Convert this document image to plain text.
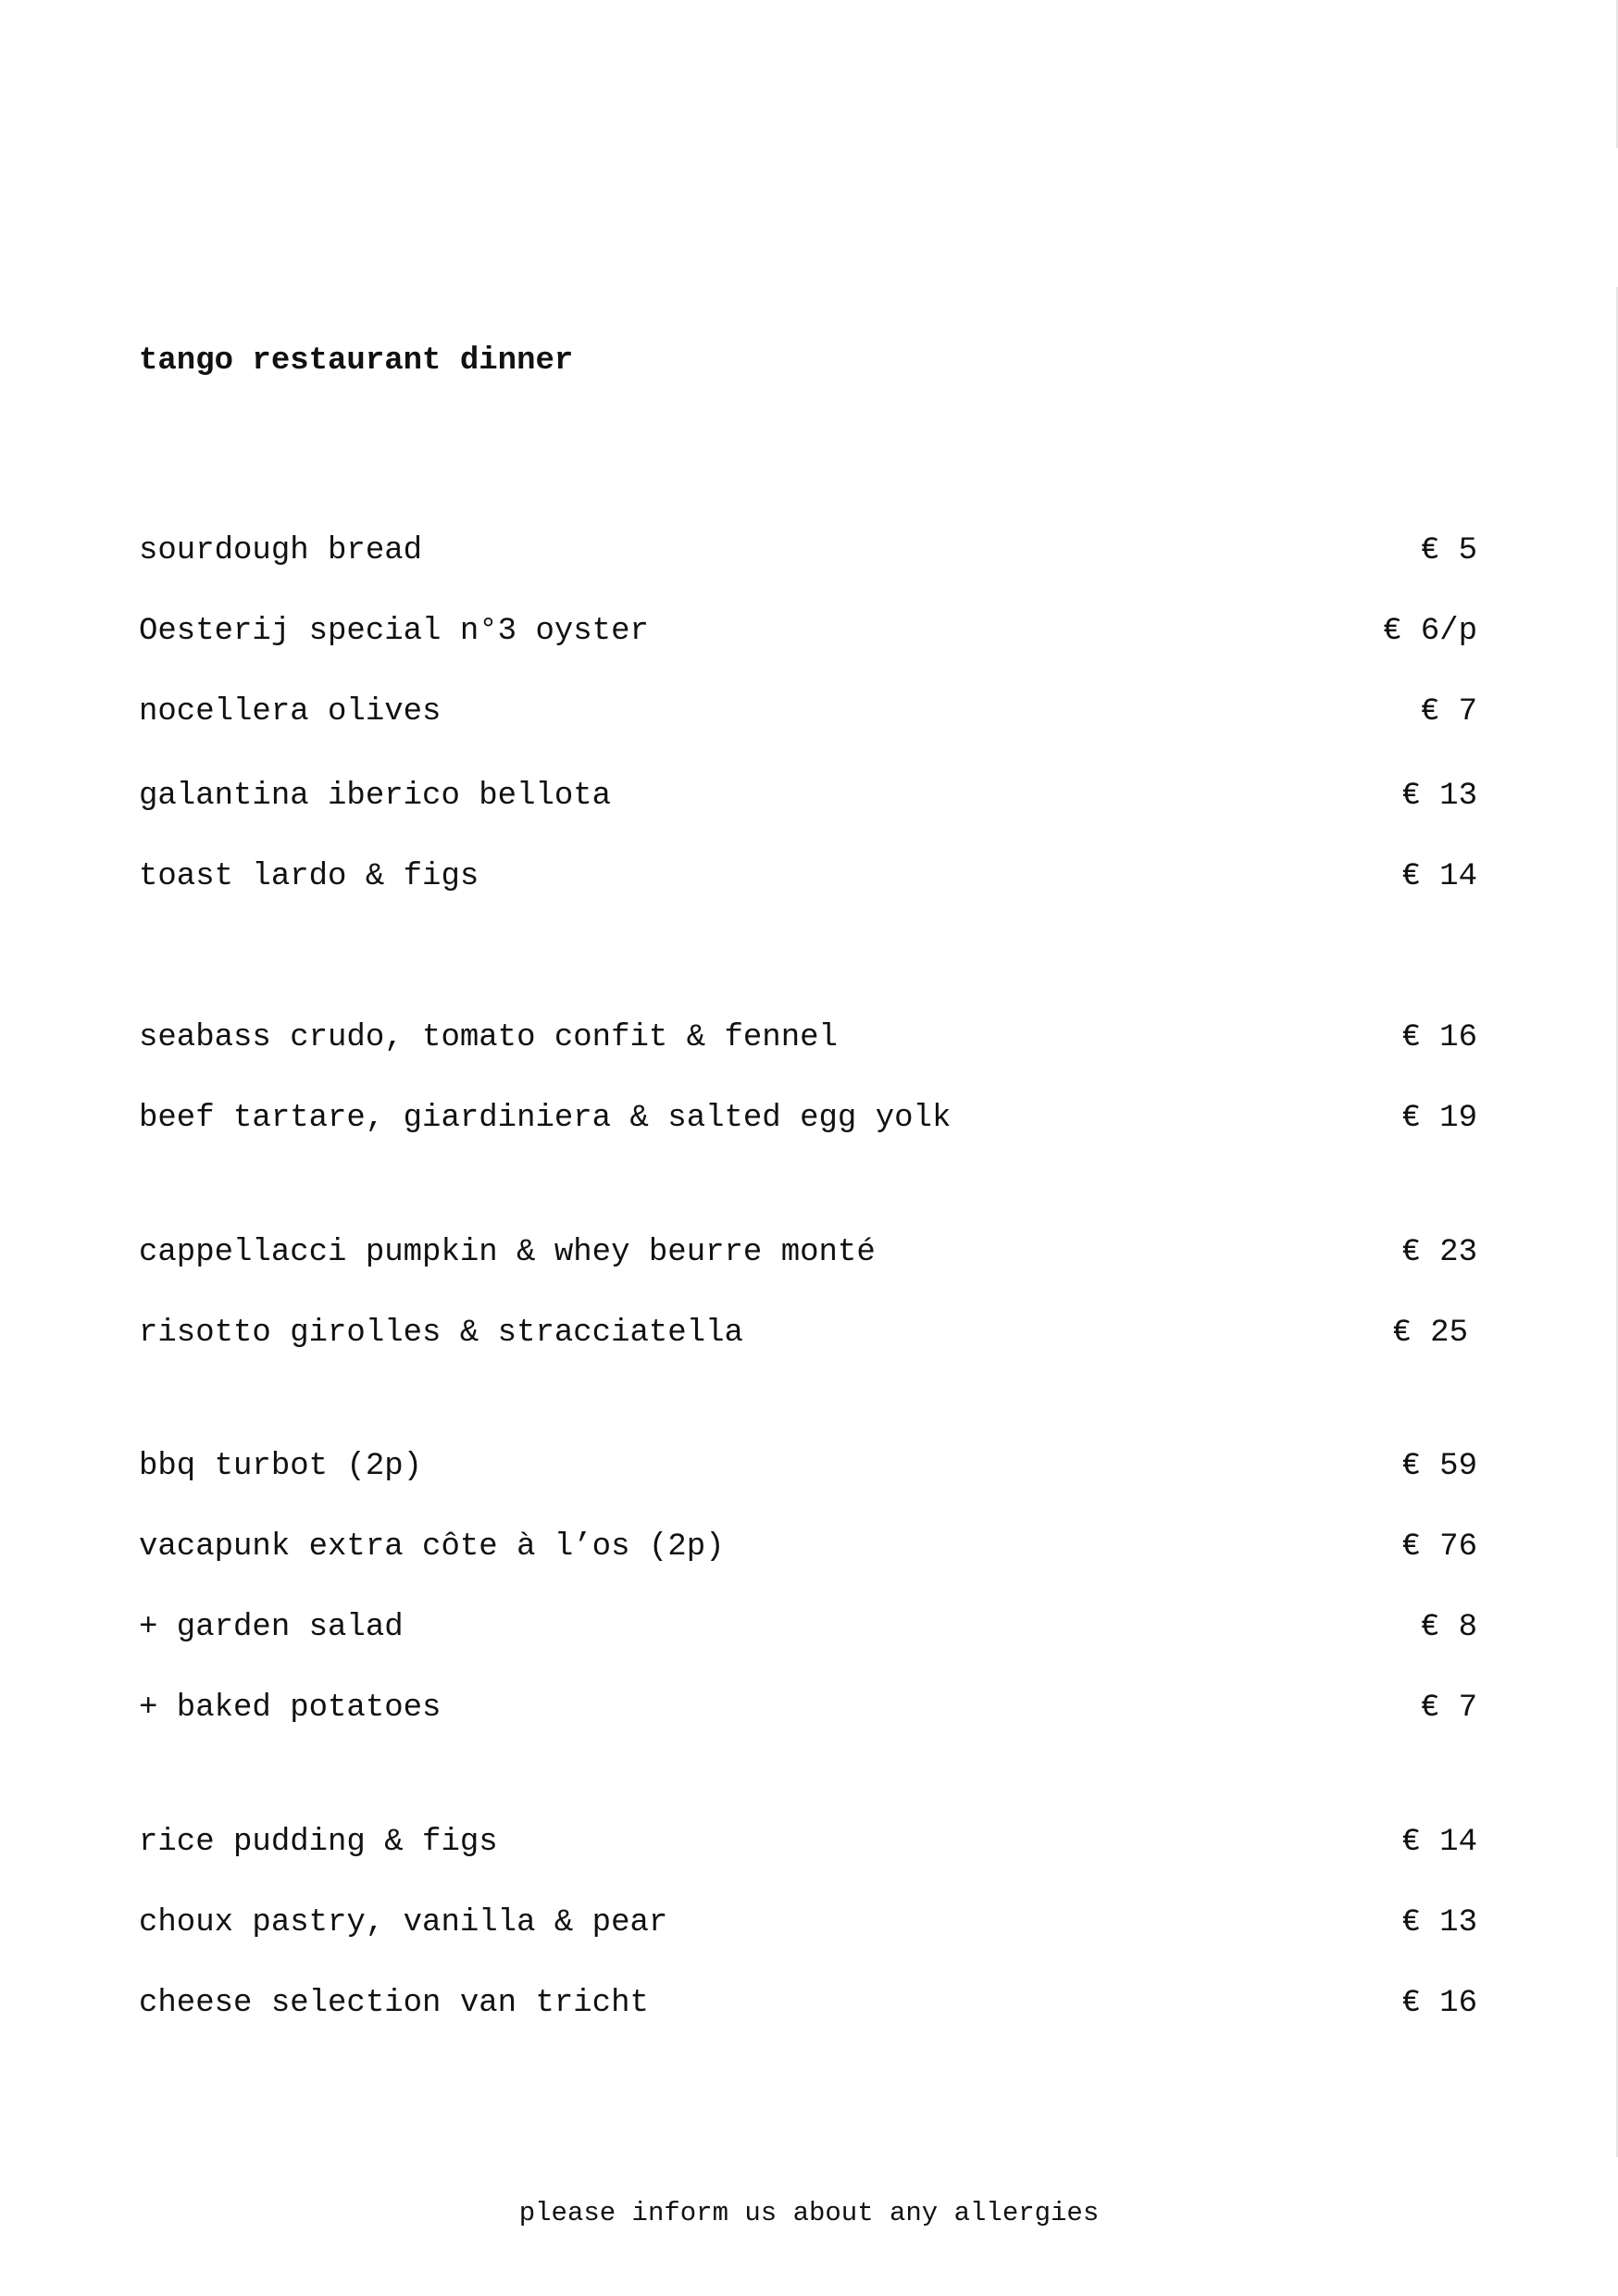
tango restaurant dinner
sourdough bread	€ 5
Oesterij special n°3 oyster	€ 6/p
nocellera olives	€ 7
galantina iberico bellota	€ 13
toast lardo & figs	€ 14
seabass crudo, tomato confit & fennel	€ 16
beef tartare, giardiniera & salted egg yolk	€ 19
cappellacci pumpkin & whey beurre monté	€ 23
risotto girolles & stracciatella	€ 25
bbq turbot (2p)	€ 59
vacapunk extra côte à l’os (2p)	€ 76
+ garden salad	€ 8
+ baked potatoes	€ 7
rice pudding & figs	€ 14
choux pastry, vanilla & pear	€ 13
cheese selection van tricht	€ 16
please inform us about any allergies
